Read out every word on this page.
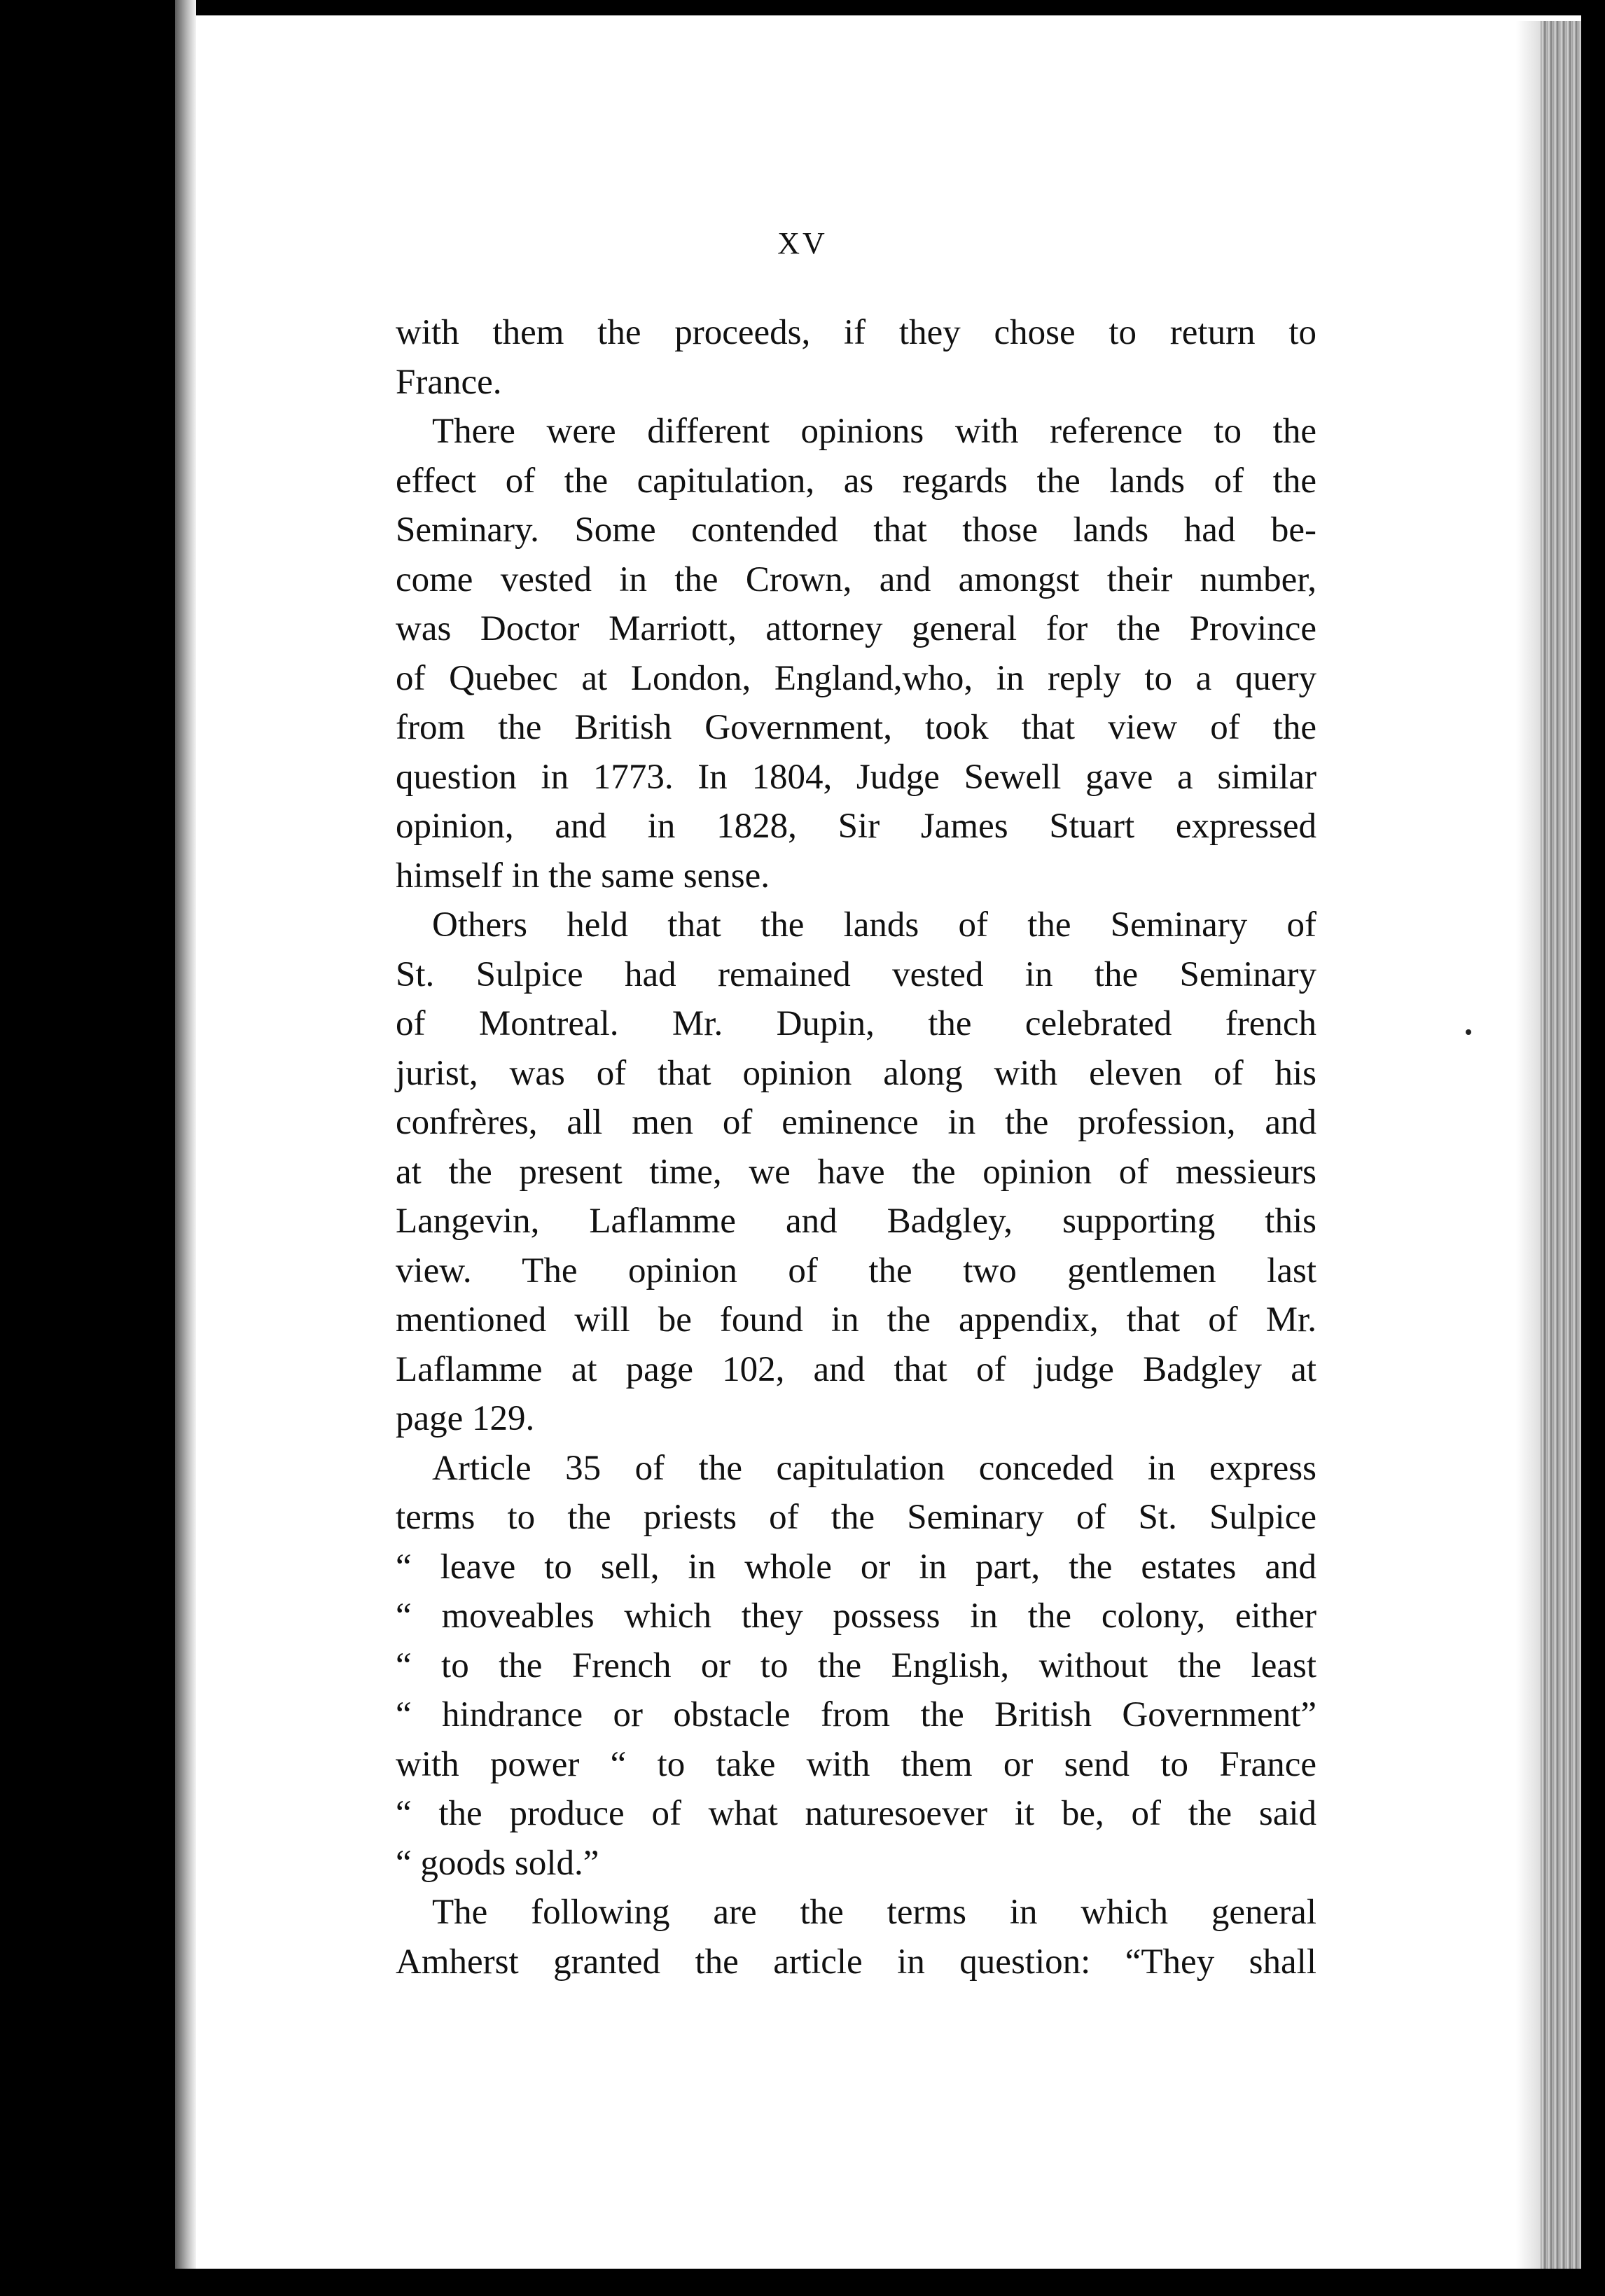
XV

with them the proceeds, if they chose to return to
France.

There were different opinions with reference to the
effect of the capitulation, as regards the lands of the
Seminary. Some contended that those lands had be-
come vested in the Crown, and amongst their number,
was Doctor Marriott, attorney general for the Province
of Quebec at London, England,who, in reply to a query
from the British Government, took that view of the
question in 1773. In 1804, Judge Sewell gave a similar
opinion, and in 1828, Sir James Stuart expressed
himself in the same sense.

Others held that the lands of the Seminary of
St. Sulpice had remained vested in the Seminary
of Montreal. Mr. Dupin, the celebrated french
jurist, was of that opinion along with eleven of his
confrères, all men of eminence in the profession, and
at the present time, we have the opinion of messieurs
Langevin, Laflamme and Badgley, supporting this
view. The opinion of the two gentlemen last
mentioned will be found in the appendix, that of Mr.
Laflamme at page 102, and that of judge Badgley at
page 129.

Article 35 of the capitulation conceded in express
terms to the priests of the Seminary of St. Sulpice
“ leave to sell, in whole or in part, the estates and
“ moveables which they possess in the colony, either
“ to the French or to the English, without the least
“ hindrance or obstacle from the British Government”
with power “ to take with them or send to France
“ the produce of what naturesoever it be, of the said
“ goods sold.”

The following are the terms in which general
Amherst granted the article in question: “They shall
